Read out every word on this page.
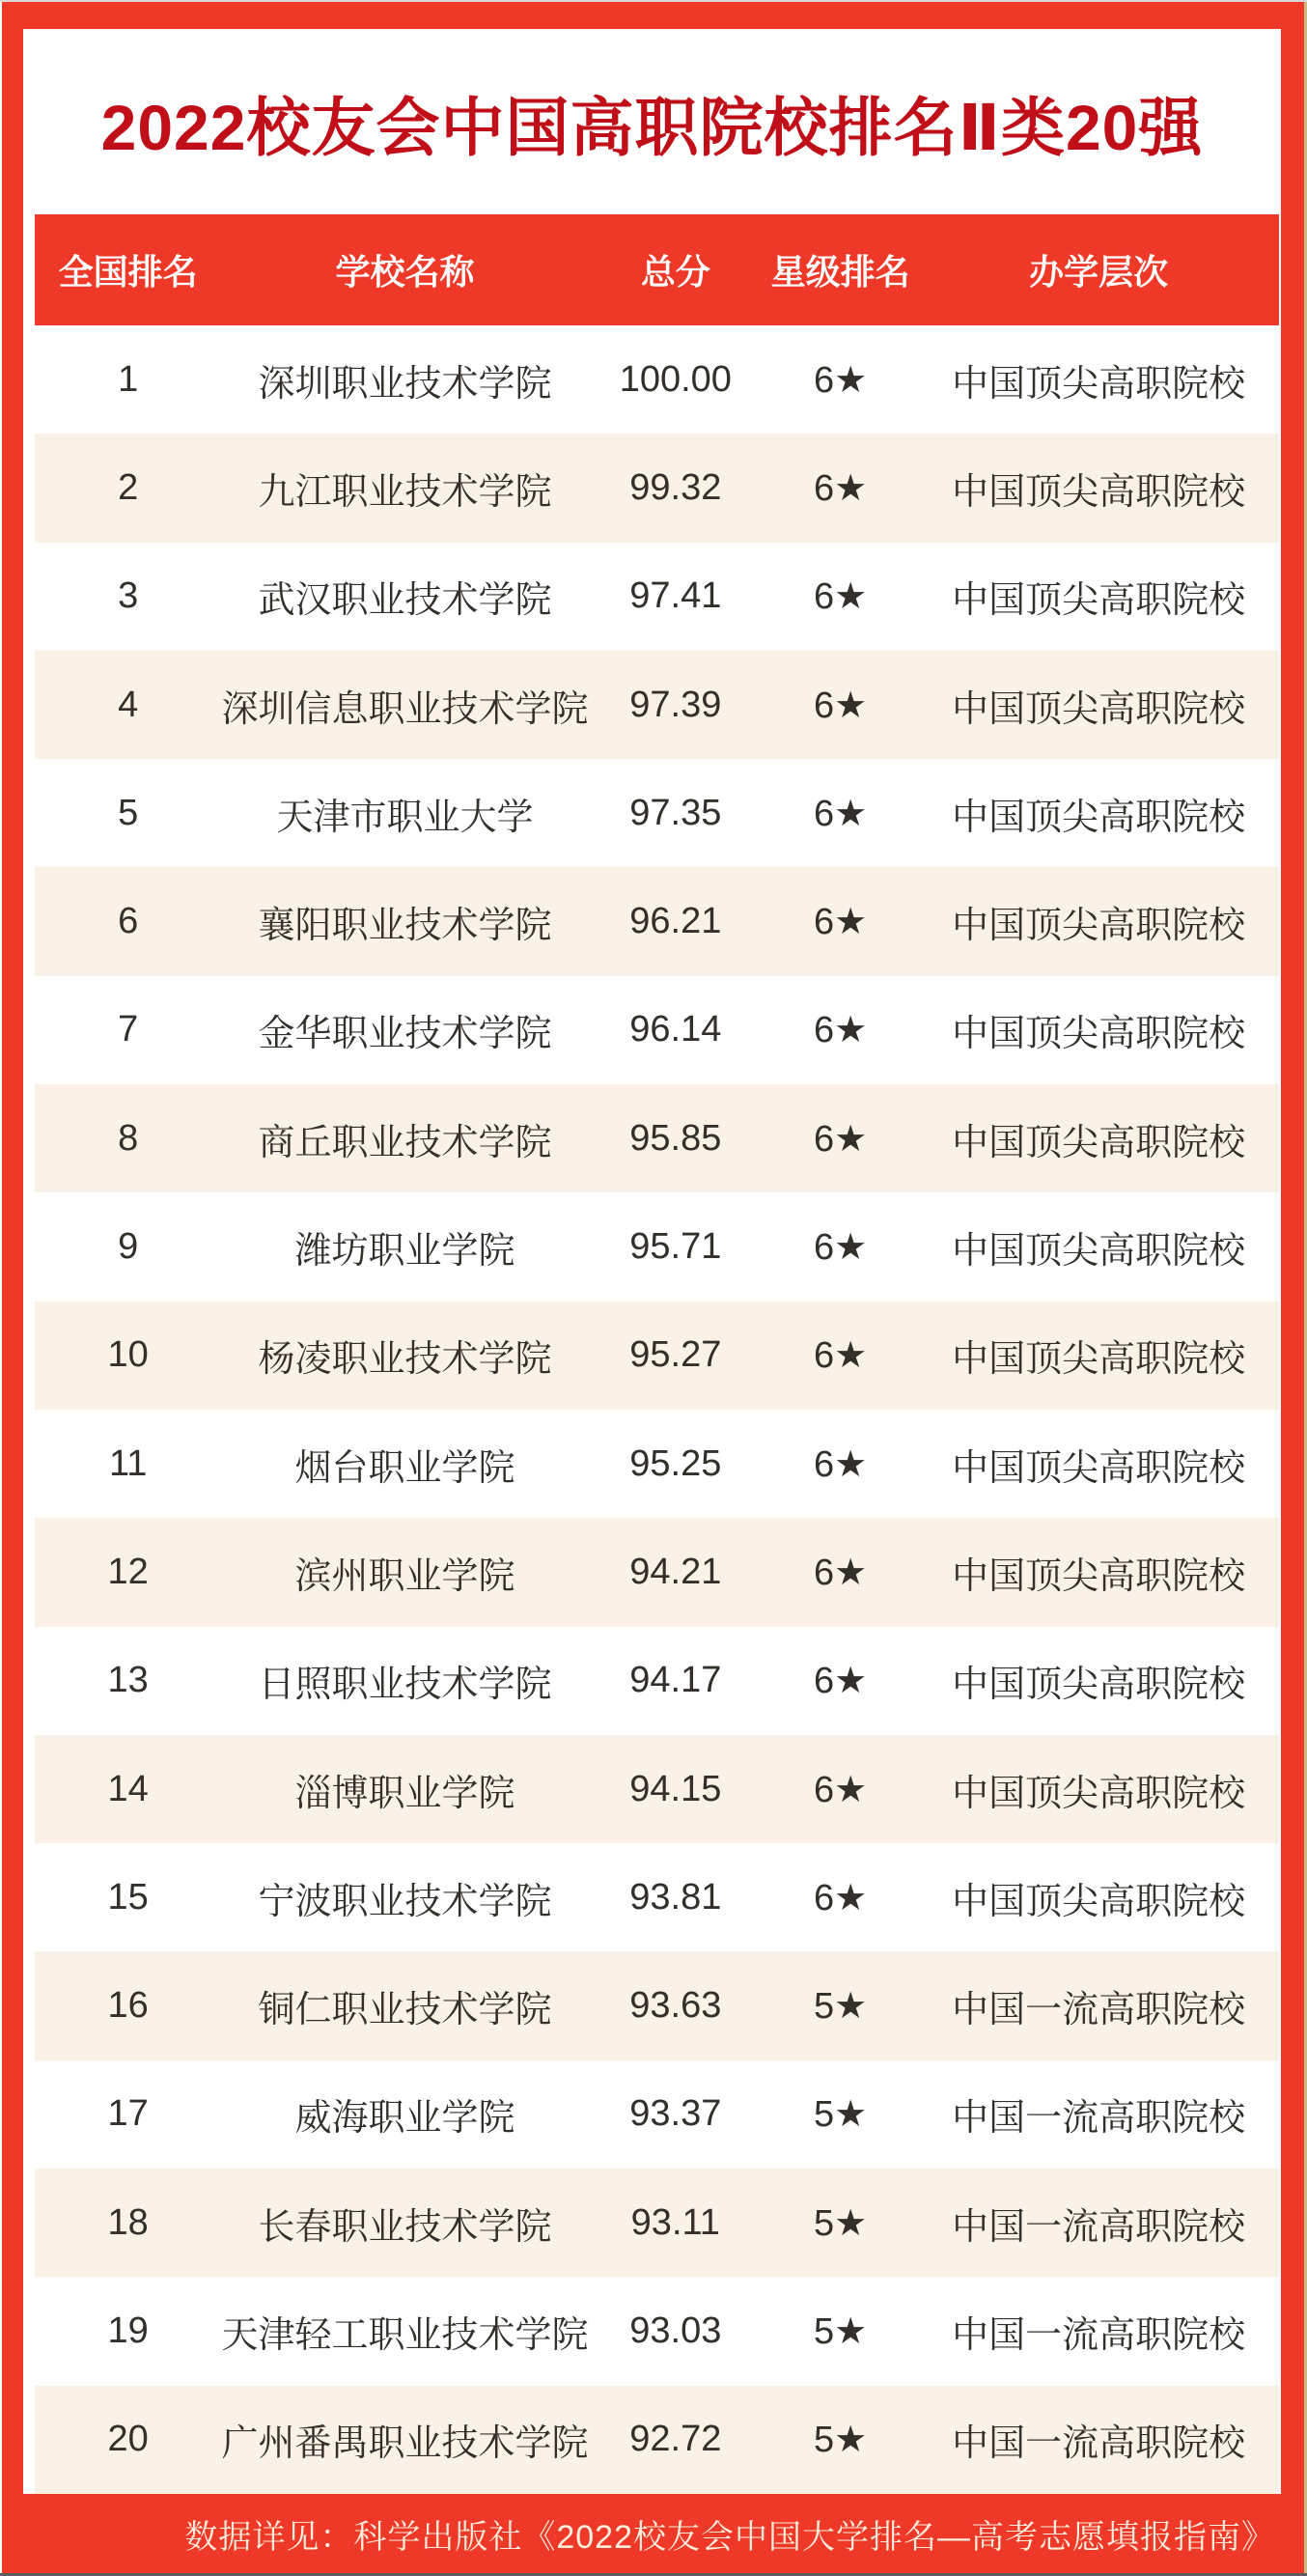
2022校友会中国高职院校排名Ⅱ类20强
全国排名	学校名称	总分	星级排名	办学层次
1	深圳职业技术学院	100.00	6★	中国顶尖高职院校
2	九江职业技术学院	99.32	6★	中国顶尖高职院校
3	武汉职业技术学院	97.41	6★	中国顶尖高职院校
4	深圳信息职业技术学院	97.39	6★	中国顶尖高职院校
5	天津市职业大学	97.35	6★	中国顶尖高职院校
6	襄阳职业技术学院	96.21	6★	中国顶尖高职院校
7	金华职业技术学院	96.14	6★	中国顶尖高职院校
8	商丘职业技术学院	95.85	6★	中国顶尖高职院校
9	潍坊职业学院	95.71	6★	中国顶尖高职院校
10	杨凌职业技术学院	95.27	6★	中国顶尖高职院校
11	烟台职业学院	95.25	6★	中国顶尖高职院校
12	滨州职业学院	94.21	6★	中国顶尖高职院校
13	日照职业技术学院	94.17	6★	中国顶尖高职院校
14	淄博职业学院	94.15	6★	中国顶尖高职院校
15	宁波职业技术学院	93.81	6★	中国顶尖高职院校
16	铜仁职业技术学院	93.63	5★	中国一流高职院校
17	威海职业学院	93.37	5★	中国一流高职院校
18	长春职业技术学院	93.11	5★	中国一流高职院校
19	天津轻工职业技术学院	93.03	5★	中国一流高职院校
20	广州番禺职业技术学院	92.72	5★	中国一流高职院校
数据详见：科学出版社《2022校友会中国大学排名—高考志愿填报指南》
